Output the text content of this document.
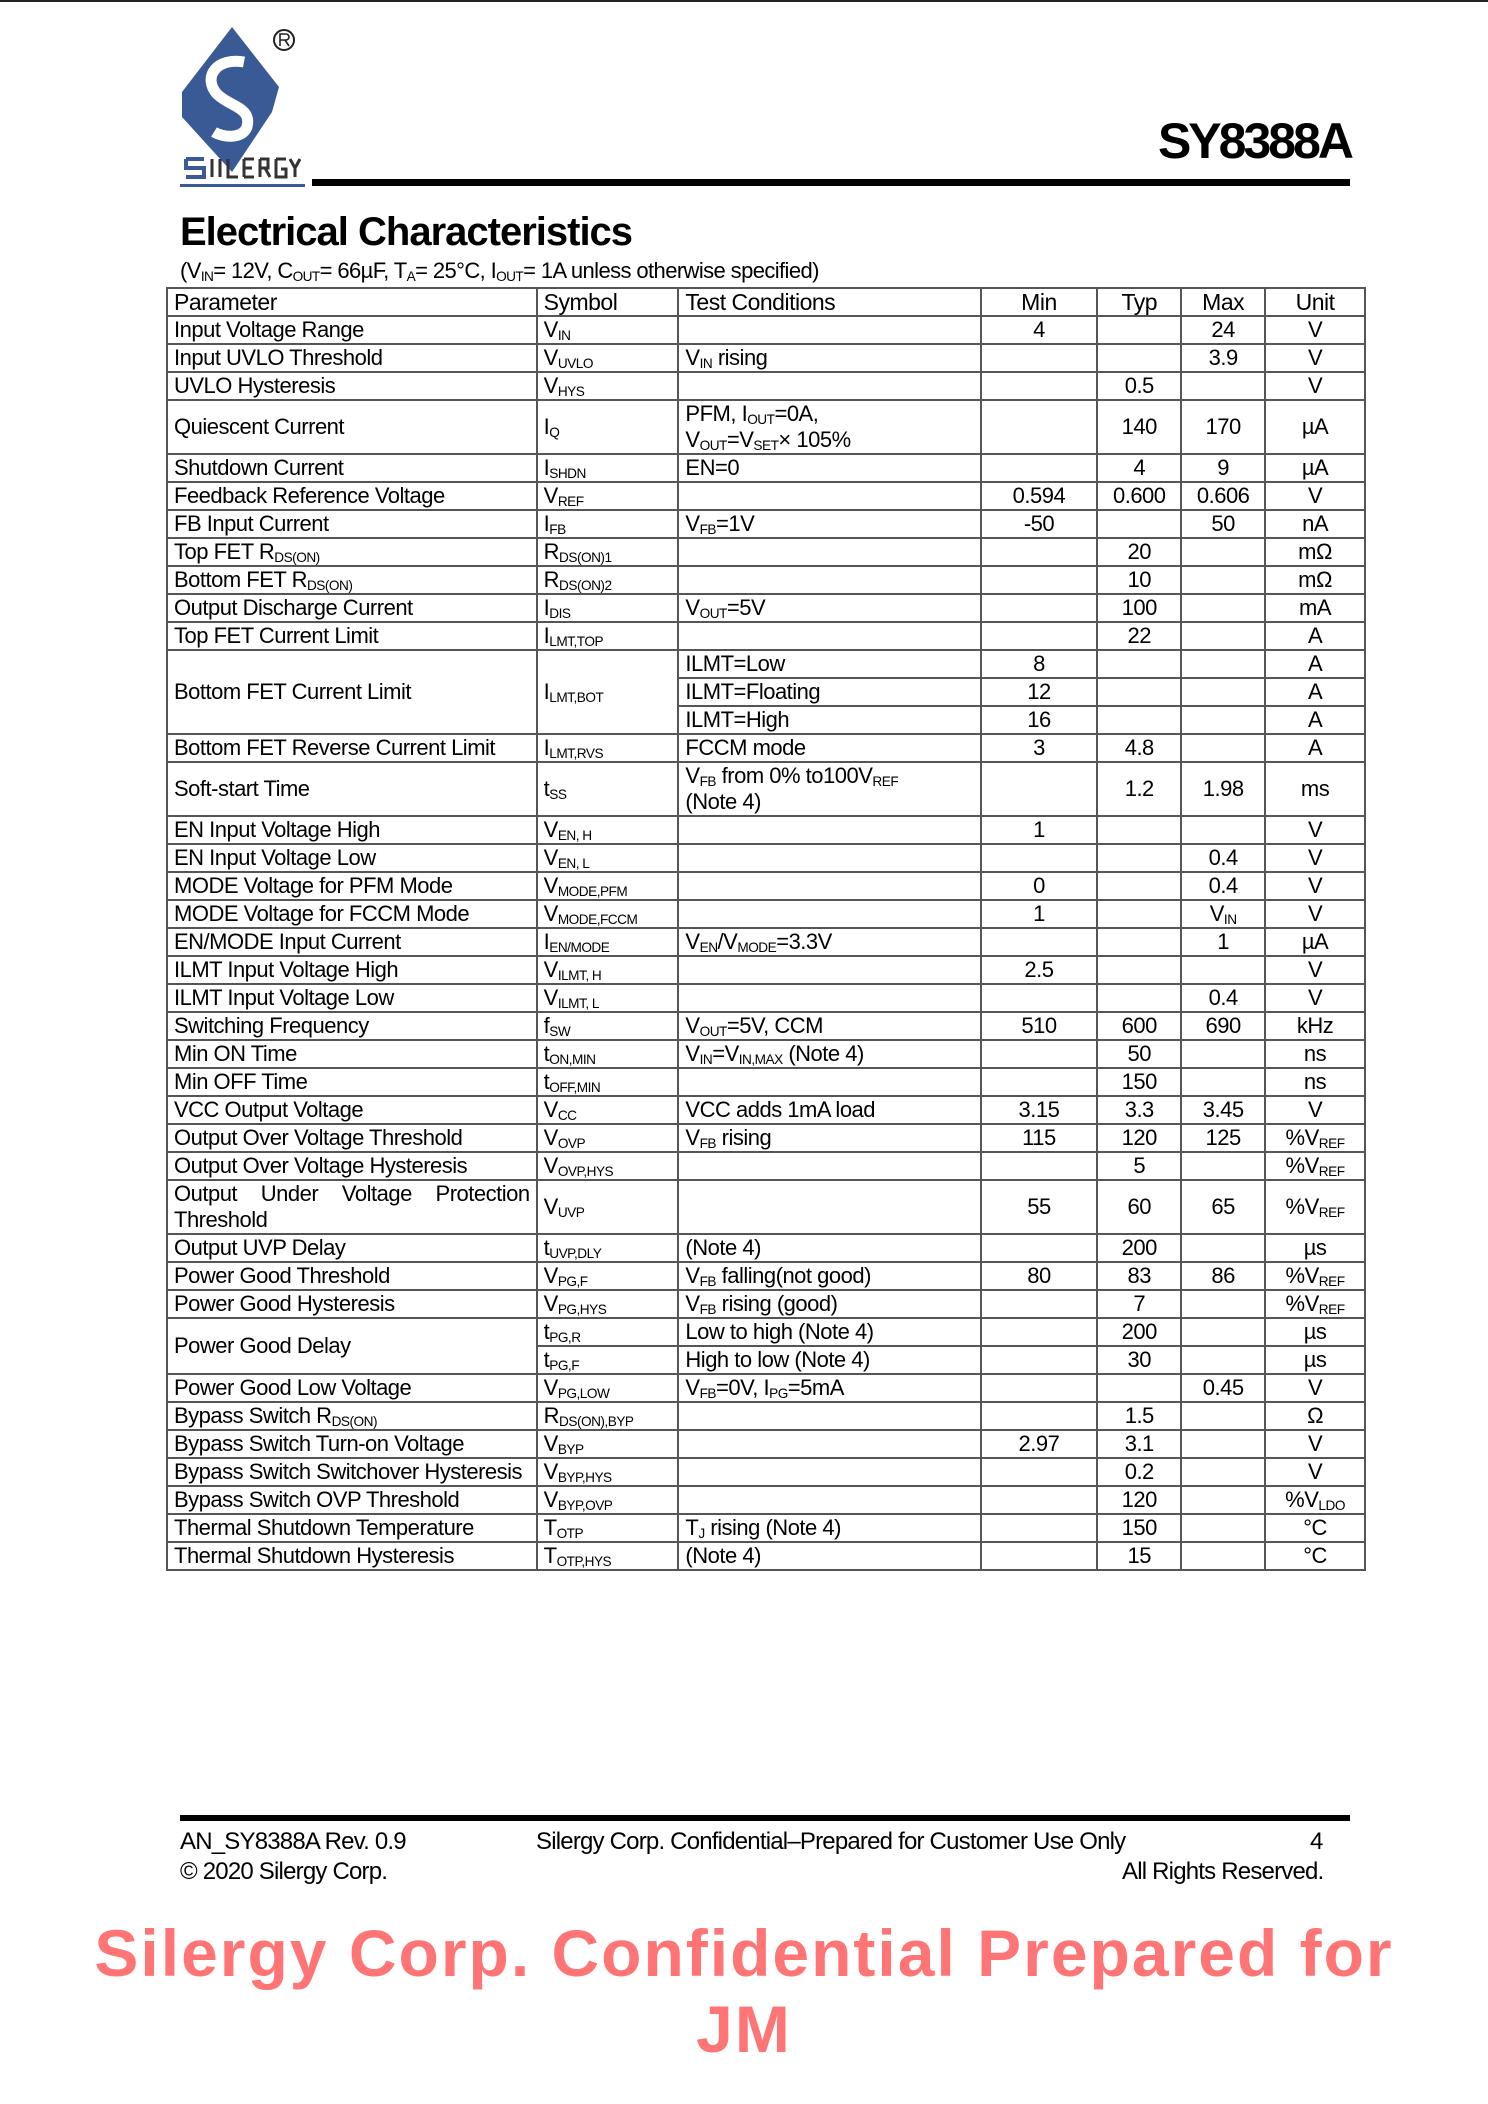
SY8388A
Electrical Characteristics
($V_{IN}= 12V$, $C_{OUT}= 66\mu F$, $T_A= 25^\circ C$, $I_{OUT}= 1A$ unless otherwise specified)
Parameter	Symbol	Test Conditions	Min	Typ	Max	Unit
Input Voltage Range	$V_{IN}$		4		24	V
Input UVLO Threshold	$V_{UVLO}$	$V_{IN}$ rising			3.9	V
UVLO Hysteresis	$V_{HYS}$			0.5		V
Quiescent Current	$I_Q$	PFM, $I_{OUT}=0A$,
$V_{OUT}=V_{SET}\times 105\%$		140	170	µA
Shutdown Current	$I_{SHDN}$	EN=0		4	9	µA
Feedback Reference Voltage	$V_{REF}$		0.594	0.600	0.606	V
FB Input Current	$I_{FB}$	$V_{FB}=1V$	-50		50	nA
Top FET $R_{DS(ON)}$	$R_{DS(ON)1}$			20		mΩ
Bottom FET $R_{DS(ON)}$	$R_{DS(ON)2}$			10		mΩ
Output Discharge Current	$I_{DIS}$	$V_{OUT}=5V$		100		mA
Top FET Current Limit	$I_{LMT,TOP}$			22		A
Bottom FET Current Limit	$I_{LMT,BOT}$	ILMT=Low	8			A

		ILMT=Floating	12			A

		ILMT=High	16			A
Bottom FET Reverse Current Limit	$I_{LMT,RVS}$	FCCM mode	3	4.8		A
Soft-start Time	$t_{SS}$	$V_{FB}$ from 0% $to100V_{REF}$
(Note 4)		1.2	1.98	ms
EN Input Voltage High	$V_{EN, H}$		1			V
EN Input Voltage Low	$V_{EN, L}$				0.4	V
MODE Voltage for PFM Mode	$V_{MODE,PFM}$		0		0.4	V
MODE Voltage for FCCM Mode	$V_{MODE,FCCM}$		1		$V_{IN}$	V
EN/MODE Input Current	$I_{EN/MODE}$	$V_{EN}/V_{MODE}=3.3V$			1	µA
ILMT Input Voltage High	$V_{ILMT, H}$		2.5			V
ILMT Input Voltage Low	$V_{ILMT, L}$				0.4	V
Switching Frequency	$f_{SW}$	$V_{OUT}=5V$, CCM	510	600	690	kHz
Min ON Time	$t_{ON,MIN}$	$V_{IN}=V_{IN,MAX}$ (Note 4)		50		ns
Min OFF Time	$t_{OFF,MIN}$			150		ns
VCC Output Voltage	$V_{CC}$	VCC adds 1mA load	3.15	3.3	3.45	V
Output Over Voltage Threshold	$V_{OVP}$	$V_{FB}$ rising	115	120	125	$\%V_{REF}$
Output Over Voltage Hysteresis	$V_{OVP,HYS}$			5		$\%V_{REF}$
Output Under Voltage Protection Threshold	$V_{UVP}$		55	60	65	$\%V_{REF}$
Output UVP Delay	$t_{UVP,DLY}$	(Note 4)		200		µs
Power Good Threshold	$V_{PG,F}$	$V_{FB}$ falling(not good)	80	83	86	$\%V_{REF}$
Power Good Hysteresis	$V_{PG,HYS}$	$V_{FB}$ rising (good)		7		$\%V_{REF}$
Power Good Delay	$t_{PG,R}$	Low to high (Note 4)		200		µs
	$t_{PG,F}$	High to low (Note 4)		30		µs
Power Good Low Voltage	$V_{PG,LOW}$	$V_{FB}=0V$, $I_{PG}=5mA$			0.45	V
Bypass Switch $R_{DS(ON)}$	$R_{DS(ON),BYP}$			1.5		Ω
Bypass Switch Turn-on Voltage	$V_{BYP}$		2.97	3.1		V
Bypass Switch Switchover Hysteresis	$V_{BYP,HYS}$			0.2		V
Bypass Switch OVP Threshold	$V_{BYP,OVP}$			120		$\%V_{LDO}$
Thermal Shutdown Temperature	$T_{OTP}$	$T_J$ rising (Note 4)		150		°C
Thermal Shutdown Hysteresis	$T_{OTP,HYS}$	(Note 4)		15		°C
AN_SY8388A Rev. 0.9
© 2020 Silergy Corp.
Silergy Corp. Confidential–Prepared for Customer Use Only	4
All Rights Reserved.
Silergy Corp. Confidential Prepared for JM
